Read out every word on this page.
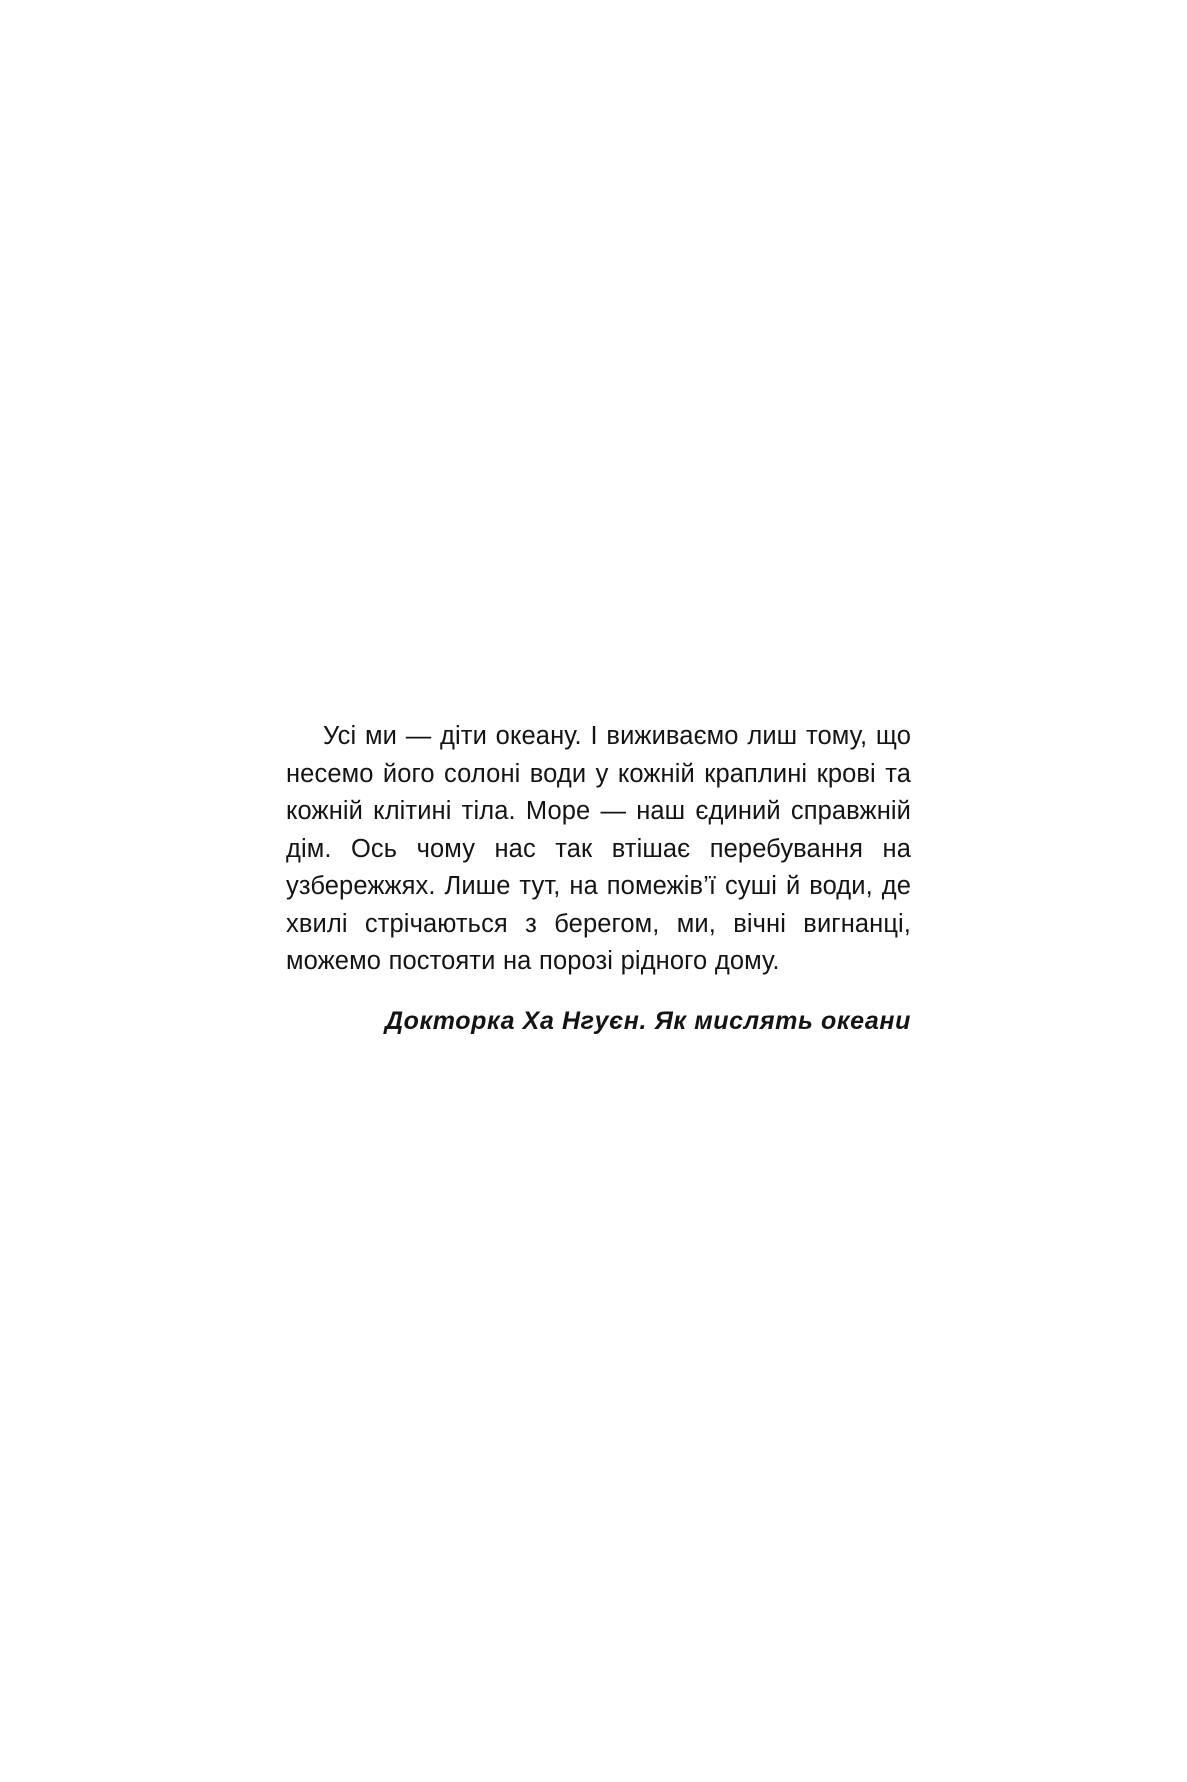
Усі ми — діти океану. І виживаємо лиш тому, що несемо його солоні води у кожній краплині крові та кожній клітині тіла. Море — наш єдиний справжній дім. Ось чому нас так втішає перебування на узбережжях. Лише тут, на помежів’ї суші й води, де хвилі стрічаються з берегом, ми, вічні вигнанці, можемо постояти на порозі рідного дому.

Докторка Ха Нгуєн. Як мислять океани
